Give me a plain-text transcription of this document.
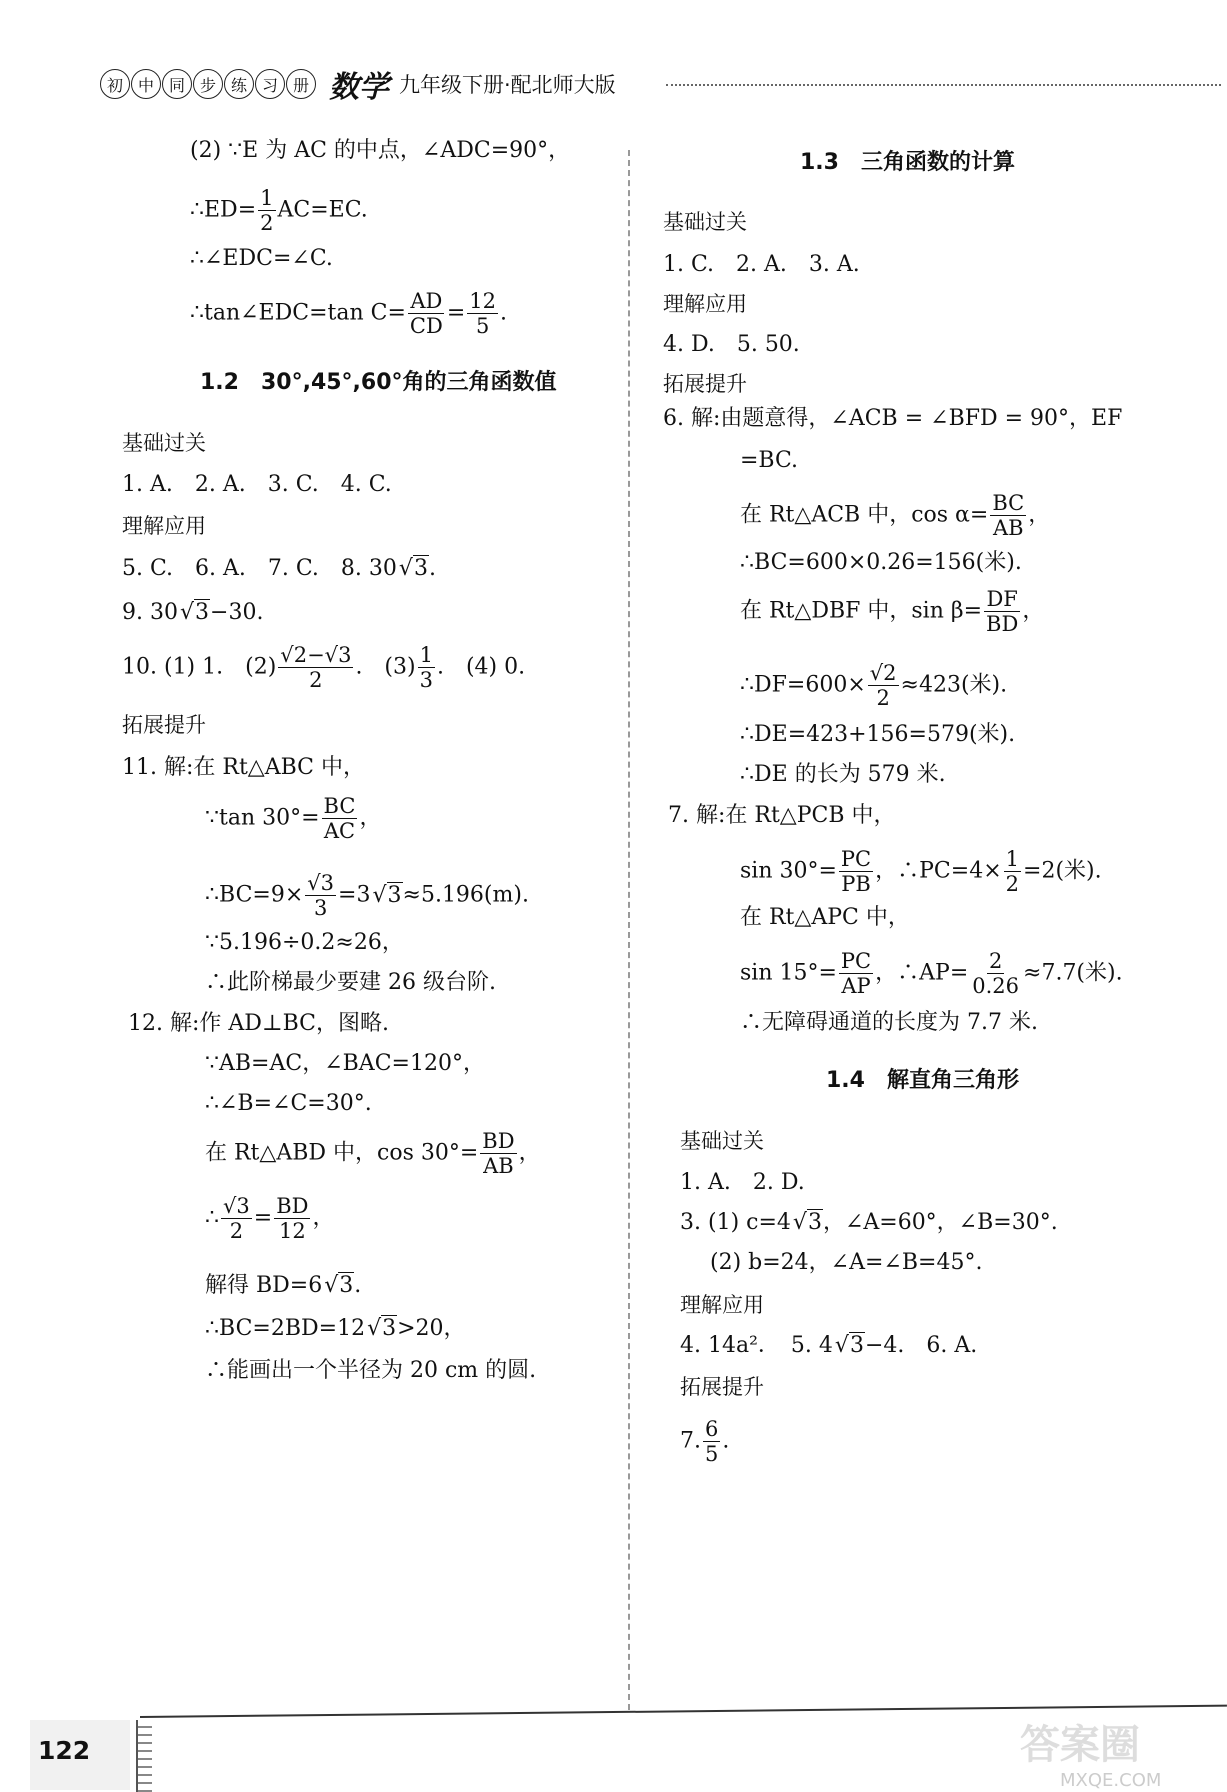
初 中 同 步 练 习 册 数学 九年级下册·配北师大版
(2) ∵E 为 AC 的中点，∠ADC=90°，
∴ED= $\frac{1}{2} AC=EC$.
∴∠EDC=∠C.
∴tan∠EDC=tan $C= \frac{AD}{CD} = \frac{12}{5}$ .
1.2　30°,45°,60°角的三角函数值
基础过关
1. A.　2. A.　3. C.　4. C.
理解应用
5. C.　6. A.　7. C.　8. 30√3.
9. 30√3−30.
10. (1) 1.　$(2) \frac{√2-√3}{2}$ .　$(3) \frac{1}{3}$ .　(4) 0.
拓展提升
11. 解:在 Rt△ABC 中，
∵tan $30^\circ= \frac{BC}{AC}$ ，
∴BC=9× $\frac{√3}{3} =3√3\approx 5.196(m)$.
∵5.196÷0.2≈26，
∴此阶梯最少要建 26 级台阶.
12. 解:作 AD⊥BC，图略.
∵AB=AC，∠BAC=120°，
∴∠B=∠C=30°.
在 Rt△ABD 中，$\cos 30^\circ= \frac{BD}{AB}$ ，
∴ $\frac{√3}{2} = \frac{BD}{12}$ ，
解得 BD=6√3.
∴BC=2BD=12√3>20，
∴能画出一个半径为 20 cm 的圆.
1.3　三角函数的计算
基础过关
1. C.　2. A.　3. A.
理解应用
4. D.　5. 50.
拓展提升
6. 解:由题意得，∠ACB = ∠BFD = 90°，EF
=BC.
在 Rt△ACB 中，$\cos \alpha= \frac{BC}{AB}$ ，
∴BC=600×0.26=156(米).
在 Rt△DBF 中，$\sin \beta= \frac{DF}{BD}$ ，
∴DF=600× $\frac{√2}{2} \approx 423$(米).
∴DE=423+156=579(米).
∴DE 的长为 579 米.
7. 解:在 Rt△PCB 中，
$\sin 30^\circ= \frac{PC}{PB}$ ，∴PC=4× $\frac{1}{2} =2$(米).
在 Rt△APC 中，
$\sin 15^\circ= \frac{PC}{AP}$ ，∴AP= $\frac{2}{0.26} \approx 7.7$(米).
∴无障碍通道的长度为 7.7 米.
1.4　解直角三角形
基础过关
1. A.　2. D.
3. (1) c=4√3，∠A=60°，∠B=30°.
(2) b=24，∠A=∠B=45°.
理解应用
4. 14a²．　5. 4√3−4.　6. A.
拓展提升
7. $\frac{6}{5}$ .
122	答案圈
MXQE.COM
